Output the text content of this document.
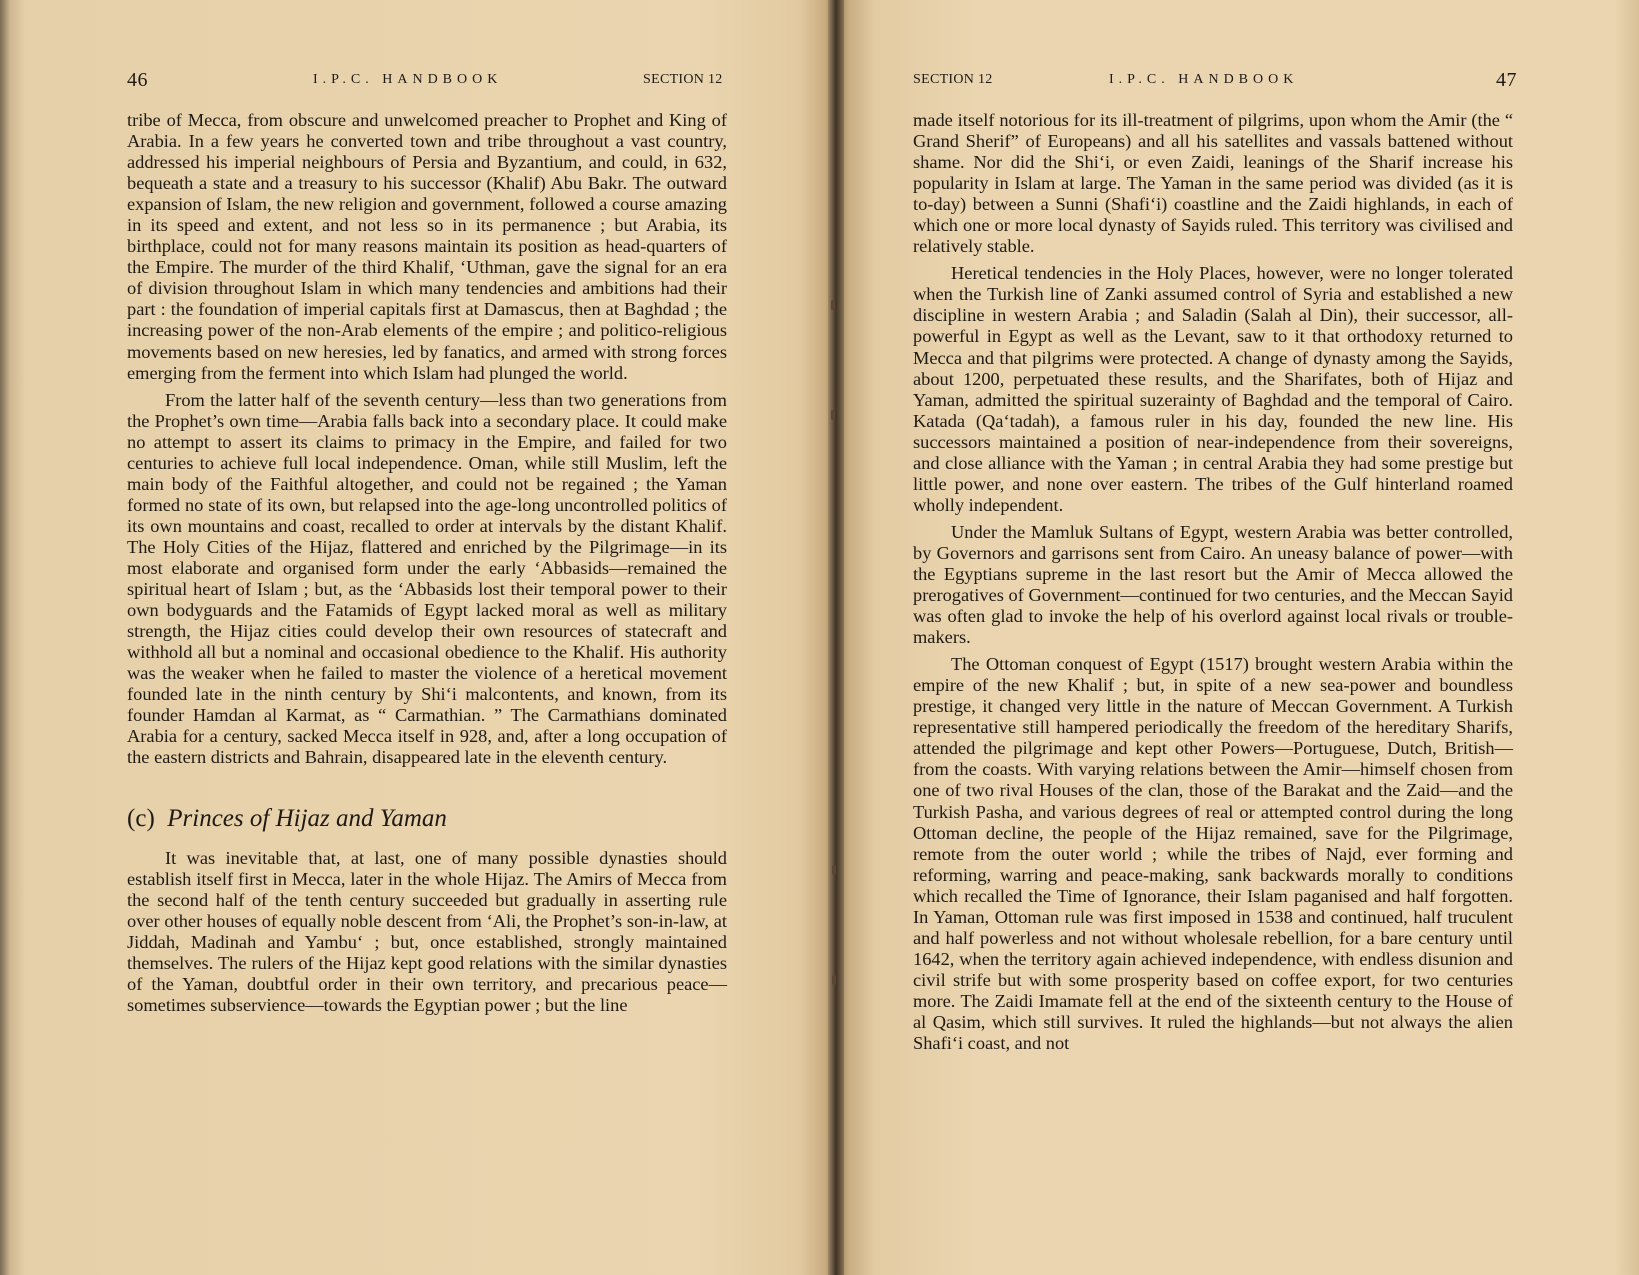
46	I.P.C. HANDBOOK	SECTION 12	SECTION 12	I.P.C. HANDBOOK	47

tribe of Mecca, from obscure and unwelcomed preacher to Prophet and King of Arabia. In a few years he converted town and tribe throughout a vast country, addressed his imperial neighbours of Persia and Byzantium, and could, in 632, bequeath a state and a treasury to his successor (Khalif) Abu Bakr. The outward expansion of Islam, the new religion and government, followed a course amazing in its speed and extent, and not less so in its permanence ; but Arabia, its birthplace, could not for many reasons maintain its position as head-quarters of the Empire. The murder of the third Khalif, ‘Uthman, gave the signal for an era of division throughout Islam in which many tendencies and ambitions had their part : the foundation of imperial capitals first at Damascus, then at Baghdad ; the increasing power of the non-Arab elements of the empire ; and politico-religious movements based on new heresies, led by fanatics, and armed with strong forces emerging from the ferment into which Islam had plunged the world.

From the latter half of the seventh century—less than two generations from the Prophet’s own time—Arabia falls back into a secondary place. It could make no attempt to assert its claims to primacy in the Empire, and failed for two centuries to achieve full local independence. Oman, while still Muslim, left the main body of the Faithful altogether, and could not be regained ; the Yaman formed no state of its own, but relapsed into the age-long uncontrolled politics of its own mountains and coast, recalled to order at intervals by the distant Khalif. The Holy Cities of the Hijaz, flattered and enriched by the Pilgrimage—in its most elaborate and organised form under the early ‘Abbasids—remained the spiritual heart of Islam ; but, as the ‘Abbasids lost their temporal power to their own bodyguards and the Fatamids of Egypt lacked moral as well as military strength, the Hijaz cities could develop their own resources of statecraft and withhold all but a nominal and occasional obedience to the Khalif. His authority was the weaker when he failed to master the violence of a heretical movement founded late in the ninth century by Shi‘i malcontents, and known, from its founder Hamdan al Karmat, as “ Carmathian. ” The Carmathians dominated Arabia for a century, sacked Mecca itself in 928, and, after a long occupation of the eastern districts and Bahrain, disappeared late in the eleventh century.

(c) Princes of Hijaz and Yaman

It was inevitable that, at last, one of many possible dynasties should establish itself first in Mecca, later in the whole Hijaz. The Amirs of Mecca from the second half of the tenth century succeeded but gradually in asserting rule over other houses of equally noble descent from ‘Ali, the Prophet’s son-in-law, at Jiddah, Madinah and Yambu‘ ; but, once established, strongly maintained themselves. The rulers of the Hijaz kept good relations with the similar dynasties of the Yaman, doubtful order in their own territory, and precarious peace—sometimes subservience—towards the Egyptian power ; but the line

made itself notorious for its ill-treatment of pilgrims, upon whom the Amir (the “ Grand Sherif” of Europeans) and all his satellites and vassals battened without shame. Nor did the Shi‘i, or even Zaidi, leanings of the Sharif increase his popularity in Islam at large. The Yaman in the same period was divided (as it is to-day) between a Sunni (Shafi‘i) coastline and the Zaidi highlands, in each of which one or more local dynasty of Sayids ruled. This territory was civilised and relatively stable.

Heretical tendencies in the Holy Places, however, were no longer tolerated when the Turkish line of Zanki assumed control of Syria and established a new discipline in western Arabia ; and Saladin (Salah al Din), their successor, all-powerful in Egypt as well as the Levant, saw to it that orthodoxy returned to Mecca and that pilgrims were protected. A change of dynasty among the Sayids, about 1200, perpetuated these results, and the Sharifates, both of Hijaz and Yaman, admitted the spiritual suzerainty of Baghdad and the temporal of Cairo. Katada (Qa‘tadah), a famous ruler in his day, founded the new line. His successors maintained a position of near-independence from their sovereigns, and close alliance with the Yaman ; in central Arabia they had some prestige but little power, and none over eastern. The tribes of the Gulf hinterland roamed wholly independent.

Under the Mamluk Sultans of Egypt, western Arabia was better controlled, by Governors and garrisons sent from Cairo. An uneasy balance of power—with the Egyptians supreme in the last resort but the Amir of Mecca allowed the prerogatives of Government—continued for two centuries, and the Meccan Sayid was often glad to invoke the help of his overlord against local rivals or trouble-makers.

The Ottoman conquest of Egypt (1517) brought western Arabia within the empire of the new Khalif ; but, in spite of a new sea-power and boundless prestige, it changed very little in the nature of Meccan Government. A Turkish representative still hampered periodically the freedom of the hereditary Sharifs, attended the pilgrimage and kept other Powers—Portuguese, Dutch, British—from the coasts. With varying relations between the Amir—himself chosen from one of two rival Houses of the clan, those of the Barakat and the Zaid—and the Turkish Pasha, and various degrees of real or attempted control during the long Ottoman decline, the people of the Hijaz remained, save for the Pilgrimage, remote from the outer world ; while the tribes of Najd, ever forming and reforming, warring and peace-making, sank backwards morally to conditions which recalled the Time of Ignorance, their Islam paganised and half forgotten. In Yaman, Ottoman rule was first imposed in 1538 and continued, half truculent and half powerless and not without wholesale rebellion, for a bare century until 1642, when the territory again achieved independence, with endless disunion and civil strife but with some prosperity based on coffee export, for two centuries more. The Zaidi Imamate fell at the end of the sixteenth century to the House of al Qasim, which still survives. It ruled the highlands—but not always the alien Shafi‘i coast, and not
